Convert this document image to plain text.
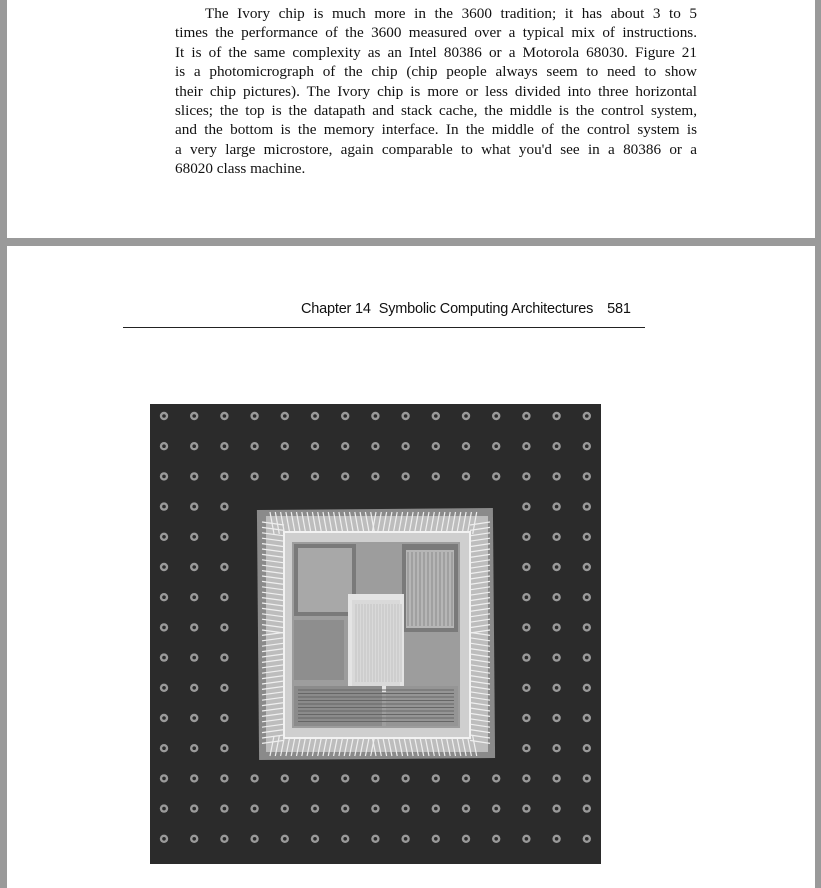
The Ivory chip is much more in the 3600 tradition; it has about 3 to 5
times the performance of the 3600 measured over a typical mix of instructions.
It is of the same complexity as an Intel 80386 or a Motorola 68030. Figure 21
is a photomicrograph of the chip (chip people always seem to need to show
their chip pictures). The Ivory chip is more or less divided into three horizontal
slices; the top is the datapath and stack cache, the middle is the control system,
and the bottom is the memory interface. In the middle of the control system is
a very large microstore, again comparable to what you'd see in a 80386 or a
68020 class machine.
Chapter 14 Symbolic Computing Architectures 581
